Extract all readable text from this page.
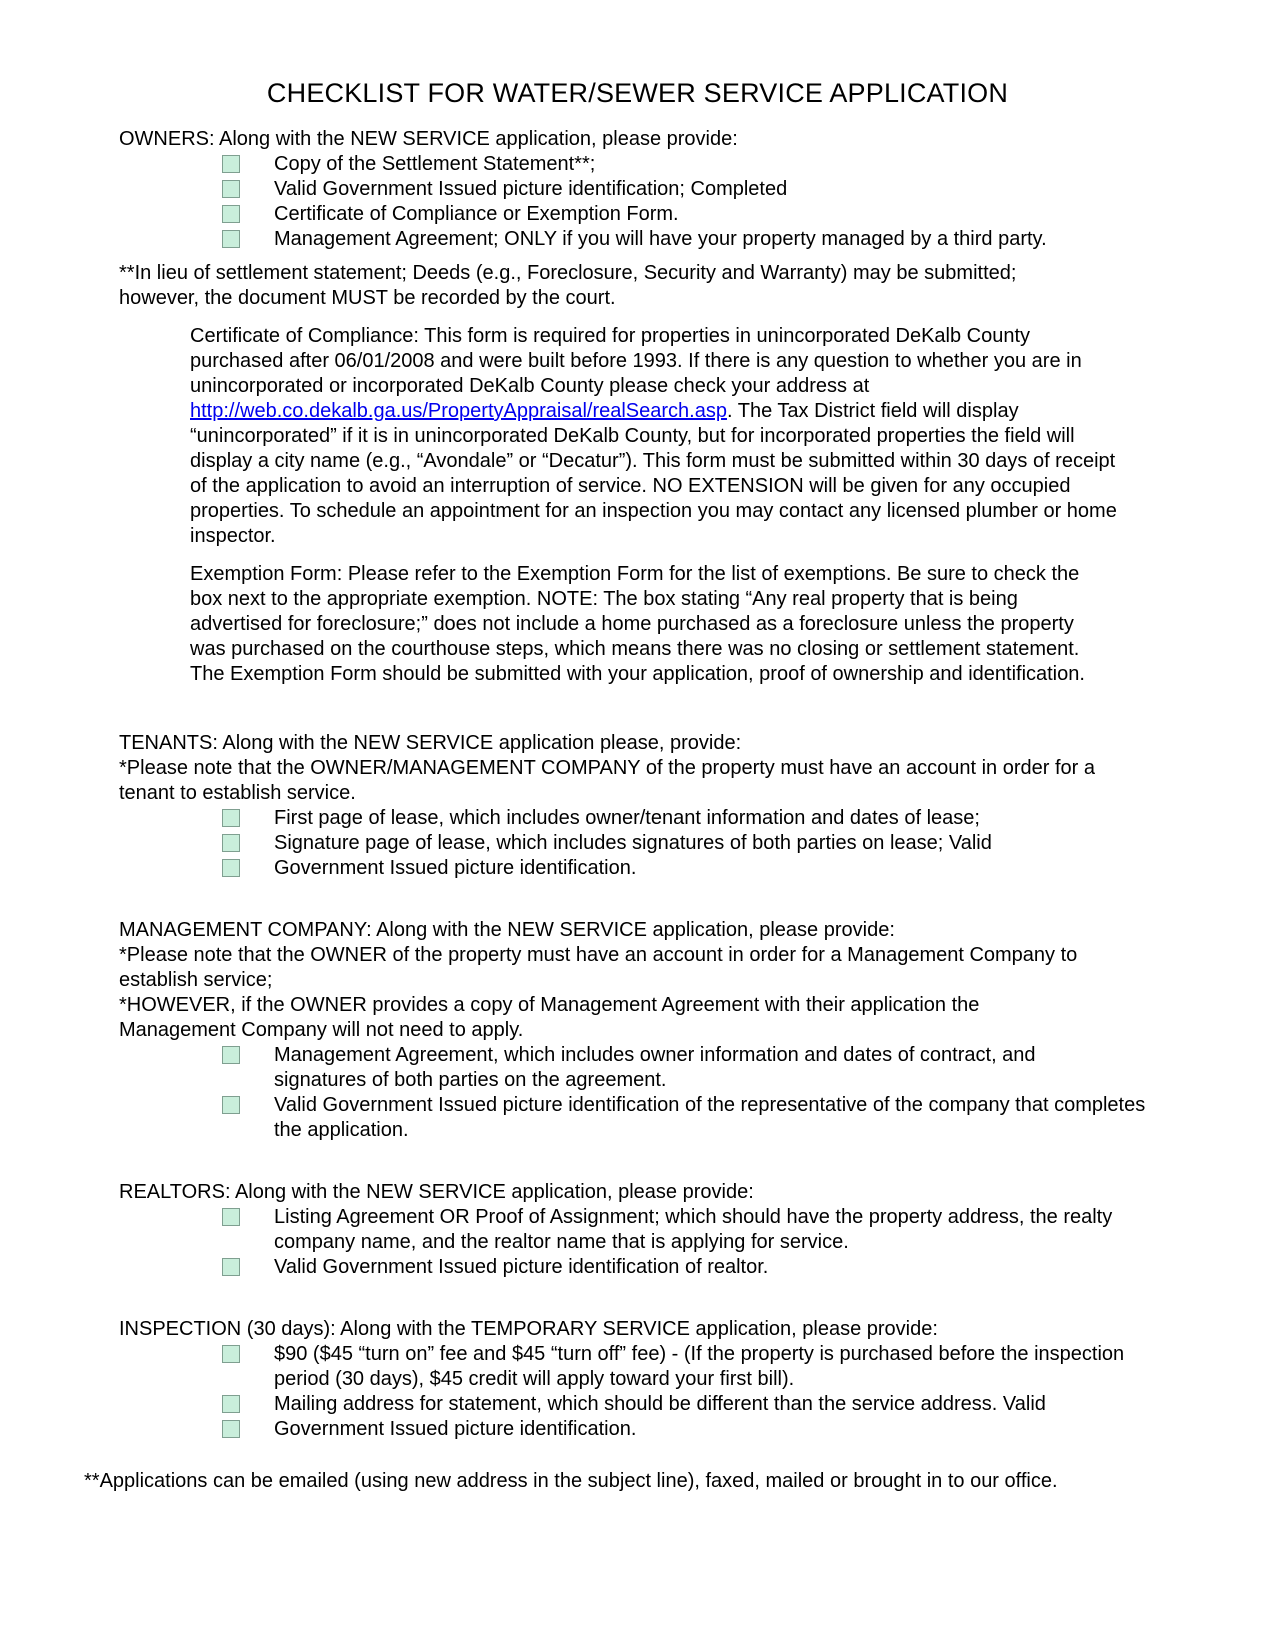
CHECKLIST FOR WATER/SEWER SERVICE APPLICATION
OWNERS: Along with the NEW SERVICE application, please provide:
Copy of the Settlement Statement**;
Valid Government Issued picture identification; Completed
Certificate of Compliance or Exemption Form.
Management Agreement; ONLY if you will have your property managed by a third party.
**In lieu of settlement statement; Deeds (e.g., Foreclosure, Security and Warranty) may be submitted; however, the document MUST be recorded by the court.
Certificate of Compliance: This form is required for properties in unincorporated DeKalb County purchased after 06/01/2008 and were built before 1993. If there is any question to whether you are in unincorporated or incorporated DeKalb County please check your address at http://web.co.dekalb.ga.us/PropertyAppraisal/realSearch.asp. The Tax District field will display “unincorporated” if it is in unincorporated DeKalb County, but for incorporated properties the field will display a city name (e.g., “Avondale” or “Decatur”). This form must be submitted within 30 days of receipt of the application to avoid an interruption of service. NO EXTENSION will be given for any occupied properties. To schedule an appointment for an inspection you may contact any licensed plumber or home inspector.
Exemption Form: Please refer to the Exemption Form for the list of exemptions. Be sure to check the box next to the appropriate exemption. NOTE: The box stating “Any real property that is being advertised for foreclosure;” does not include a home purchased as a foreclosure unless the property was purchased on the courthouse steps, which means there was no closing or settlement statement. The Exemption Form should be submitted with your application, proof of ownership and identification.
TENANTS: Along with the NEW SERVICE application please, provide:
*Please note that the OWNER/MANAGEMENT COMPANY of the property must have an account in order for a tenant to establish service.
First page of lease, which includes owner/tenant information and dates of lease;
Signature page of lease, which includes signatures of both parties on lease; Valid
Government Issued picture identification.
MANAGEMENT COMPANY: Along with the NEW SERVICE application, please provide:
*Please note that the OWNER of the property must have an account in order for a Management Company to establish service;
*HOWEVER, if the OWNER provides a copy of Management Agreement with their application the Management Company will not need to apply.
Management Agreement, which includes owner information and dates of contract, and signatures of both parties on the agreement.
Valid Government Issued picture identification of the representative of the company that completes the application.
REALTORS: Along with the NEW SERVICE application, please provide:
Listing Agreement OR Proof of Assignment; which should have the property address, the realty company name, and the realtor name that is applying for service.
Valid Government Issued picture identification of realtor.
INSPECTION (30 days): Along with the TEMPORARY SERVICE application, please provide:
$90 ($45 “turn on” fee and $45 “turn off” fee) - (If the property is purchased before the inspection period (30 days), $45 credit will apply toward your first bill).
Mailing address for statement, which should be different than the service address. Valid
Government Issued picture identification.
**Applications can be emailed (using new address in the subject line), faxed, mailed or brought in to our office.
